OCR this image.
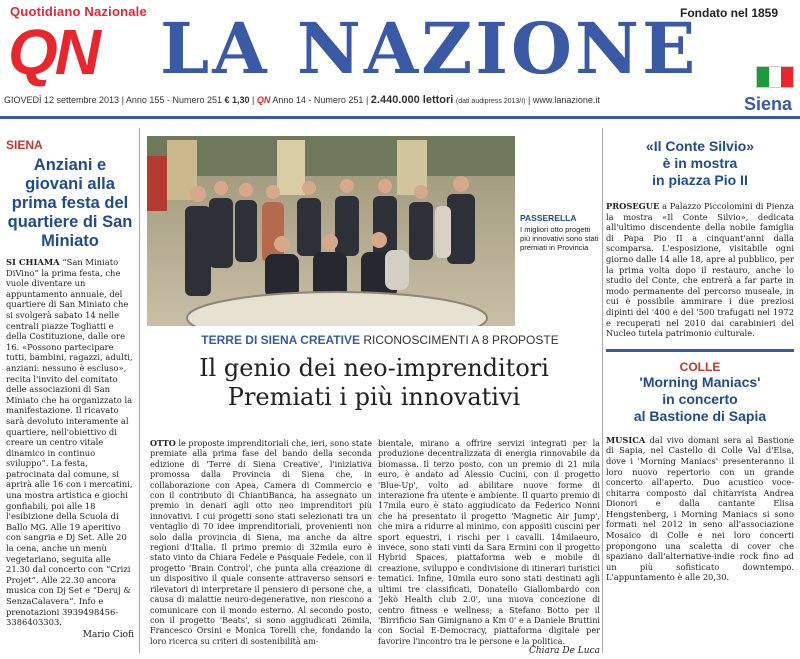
Quotidiano Nazionale
QN LA NAZIONE
Fondato nel 1859
GIOVEDÌ 12 settembre 2013 | Anno 155 - Numero 251 € 1,30 | QN Anno 14 - Numero 251 | 2.440.000 lettori (dati audipress 2013/I) | www.lanazione.it	Siena
SIENA
Anziani e giovani alla prima festa del quartiere di San Miniato

SI CHIAMA “San Miniato DiVino” la prima festa, che vuole diventare un appuntamento annuale, del quartiere di San Miniato che si svolgerà sabato 14 nelle centrali piazze Togliatti e della Costituzione, dalle ore 16. «Possono partecipare tutti, bambini, ragazzi, adulti, anziani: nessuno è escluso», recita l'invito del comitato delle associazioni di San Miniato che ha organizzato la manifestazione. Il ricavato sarà devoluto interamente al quartiere, nell'obiettivo di creare un centro vitale dinamico in continuo sviluppo”. La festa, patrocinata dal comune, si aprirà alle 16 con i mercatini, una mostra artistica e giochi gonfiabili, poi alle 18 l'esibizione della Scuola di Ballo MG. Alle 19 aperitivo con sangria e Dj Set. Alle 20 la cena, anche un menù vegetariano, seguita alle 21.30 dal concerto con “Crizi Projet”. Alle 22.30 ancora musica con Dj Set e “Deruj & SenzaCalavera”. Info e prenotazioni 3939498456-3386403303.

Mario Ciofi
PASSERELLA
I migliori otto progetti più innovativi sono stati premiati in Provincia
TERRE DI SIENA CREATIVE RICONOSCIMENTI A 8 PROPOSTE
Il genio dei neo-imprenditori
Premiati i più innovativi

OTTO le proposte imprenditoriali che, ieri, sono state premiate alla prima fase del bando della seconda edizione di 'Terre di Siena Creative', l'iniziativa promossa dalla Provincia di Siena che, in collaborazione con Apea, Camera di Commercio e con il contributo di ChiantiBanca, ha assegnato un premio in denari agli otto neo imprenditori più innovativi. I cui progetti sono stati selezionati tra un ventaglio di 70 idee imprenditoriali, provenienti non solo dalla provincia di Siena, ma anche da altre regioni d'Italia. Il primo premio di 32mila euro è stato vinto da Chiara Fedele e Pasquale Fedele, con il progetto 'Brain Control', che punta alla creazione di un dispositivo il quale consente attraverso sensori e rilevatori di interpretare il pensiero di persone che, a causa di malattie neuro-degenerative, non riescono a comunicare con il mondo esterno. Al secondo posto, con il progetto 'Beats', si sono aggiudicati 26mila, Francesco Orsini e Monica Torelli che, fondando la loro ricerca su criteri di sostenibilità am-

bientale, mirano a offrire servizi integrati per la produzione decentralizzata di energia rinnovabile da biomassa. Il terzo posto, con un premio di 21 mila euro, è andato ad Alessio Cucini, con il progetto 'Blue-Up', volto ad abilitare nuove forme di interazione fra utente e ambiente. Il quarto premio di 17mila euro è stato aggiudicato da Federico Nonni che ha presentato il progetto 'Magnetic Air Jump', che mira a ridurre al minimo, con appositi cuscini per sport equestri, i rischi per i cavalli. 14milaeuro, invece, sono stati vinti da Sara Ermini con il progetto Hybrid Spaces, piattaforma web e mobile di creazione, sviluppo e condivisione di itinerari turistici tematici. Infine, 10mila euro sono stati destinati agli ultimi tre classificati, Donatello Giallombardo con 'Jekò Health club 2.0', una nuova concezione di centro fitness e wellness; a Stefano Botto per il 'Birrificio San Gimignano a Km 0' e a Daniele Bruttini con Social E-Democracy, piattaforma digitale per favorire l'incontro tra le persone e la politica.

Chiara De Luca
«Il Conte Silvio»
è in mostra
in piazza Pio II

PROSEGUE a Palazzo Piccolomini di Pienza la mostra «Il Conte Silvio», dedicata all'ultimo discendente della nobile famiglia di Papa Pio II a cinquant'anni dalla scomparsa. L'esposizione, visitabile ogni giorno dalle 14 alle 18, apre al pubblico, per la prima volta dopo il restauro, anche lo studio del Conte, che entrerà a far parte in modo permanente del percorso museale, in cui è possibile ammirare i due preziosi dipinti del '400 e del '500 trafugati nel 1972 e recuperati nel 2010 dai carabinieri del Nucleo tutela patrimonio culturale.

COLLE
'Morning Maniacs'
in concerto
al Bastione di Sapia

MUSICA dal vivo domani sera al Bastione di Sapia, nel Castello di Colle Val d'Elsa, dove i 'Morning Maniacs' presenteranno il loro nuovo repertorio con un grande concerto all'aperto. Duo acustico voce-chitarra composto dal chitarrista Andrea Dionori e dalla cantante Elisa Hengstenberg, i Morning Maniacs si sono formati nel 2012 in seno all'associazione Mosaico di Colle e nei loro concerti propongono una scaletta di cover che spaziano dall'alternative-indie rock fino ad un più sofisticato downtempo. L'appuntamento è alle 20,30.
